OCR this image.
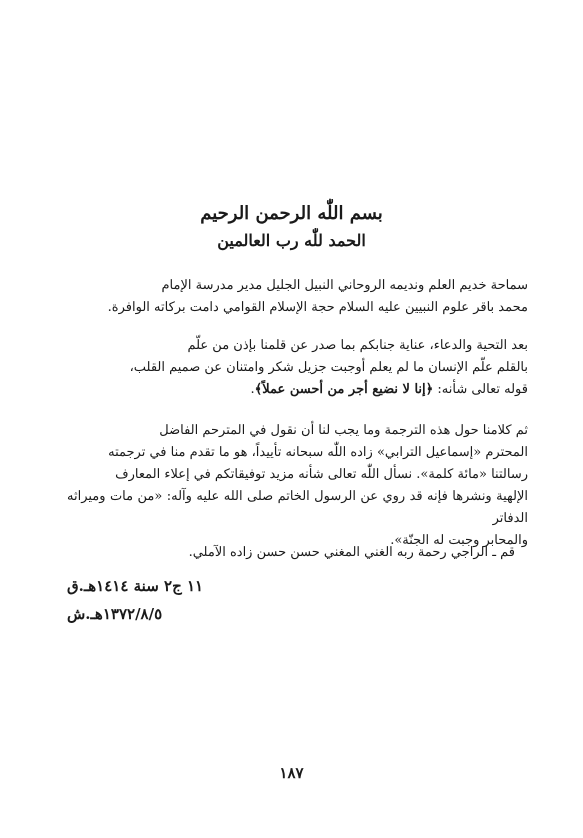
بسم اللّٰه الرحمن الرحيم
الحمد للّٰه رب العالمين
سماحة خديم العلم ونديمه الروحاني النبيل الجليل مدير مدرسة الإمام
محمد باقر علوم النبيين عليه السلام حجة الإسلام القوامي دامت بركاته الوافرة.
بعد التحية والدعاء، عناية جنابكم بما صدر عن قلمنا بإذن من علّم
بالقلم علّم الإنسان ما لم يعلم أوجبت جزيل شكر وامتنان عن صميم القلب،
قوله تعالى شأنه: ﴿إنا لا نضيع أجر من أحسن عملاً﴾.
ثم كلامنا حول هذه الترجمة وما يجب لنا أن نقول في المترحم الفاضل
المحترم «إسماعيل الترابي» زاده اللّٰه سبحانه تأييداً، هو ما تقدم منا في ترجمته
رسالتنا «مائة كلمة». نسأل اللّٰه تعالى شأنه مزيد توفيقاتكم في إعلاء المعارف
الإلهية ونشرها فإنه قد روي عن الرسول الخاتم صلى الله عليه وآله: «من مات وميراثه الدفاتر
والمحابر وجبت له الجنّة».
قم ـ الراجي رحمة ربه الغني المغني حسن حسن زاده الآملي.
١١ ج٢ سنة ١٤١٤هـ.ق
١٣٧٢/٨/٥هـ.ش
١٨٧
